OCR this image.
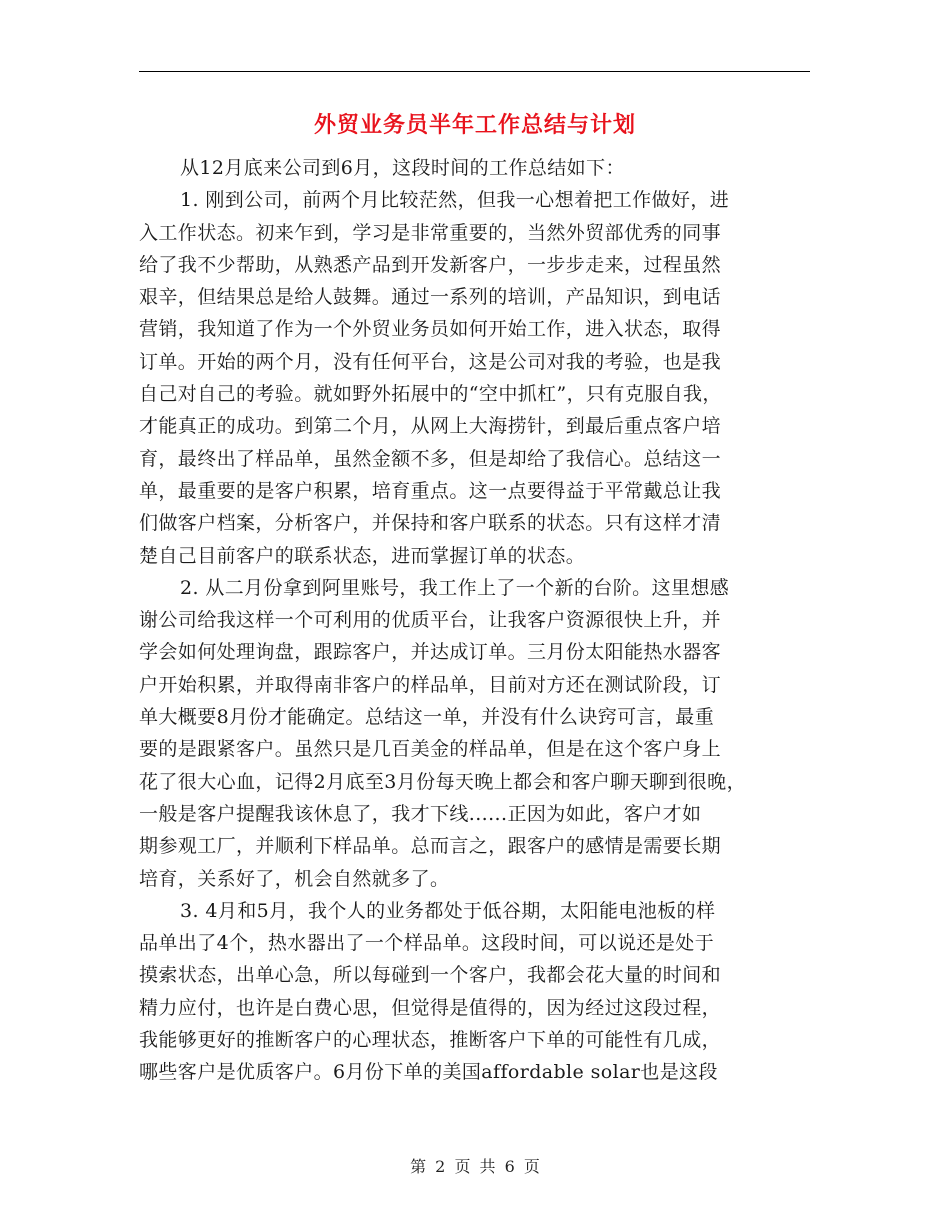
外贸业务员半年工作总结与计划
从12月底来公司到6月，这段时间的工作总结如下：
1. 刚到公司，前两个月比较茫然，但我一心想着把工作做好，进
入工作状态。初来乍到，学习是非常重要的，当然外贸部优秀的同事
给了我不少帮助，从熟悉产品到开发新客户，一步步走来，过程虽然
艰辛，但结果总是给人鼓舞。通过一系列的培训，产品知识，到电话
营销，我知道了作为一个外贸业务员如何开始工作，进入状态，取得
订单。开始的两个月，没有任何平台，这是公司对我的考验，也是我
自己对自己的考验。就如野外拓展中的“空中抓杠”，只有克服自我，
才能真正的成功。到第二个月，从网上大海捞针，到最后重点客户培
育，最终出了样品单，虽然金额不多，但是却给了我信心。总结这一
单，最重要的是客户积累，培育重点。这一点要得益于平常戴总让我
们做客户档案，分析客户，并保持和客户联系的状态。只有这样才清
楚自己目前客户的联系状态，进而掌握订单的状态。
2. 从二月份拿到阿里账号，我工作上了一个新的台阶。这里想感
谢公司给我这样一个可利用的优质平台，让我客户资源很快上升，并
学会如何处理询盘，跟踪客户，并达成订单。三月份太阳能热水器客
户开始积累，并取得南非客户的样品单，目前对方还在测试阶段，订
单大概要8月份才能确定。总结这一单，并没有什么诀窍可言，最重
要的是跟紧客户。虽然只是几百美金的样品单，但是在这个客户身上
花了很大心血，记得2月底至3月份每天晚上都会和客户聊天聊到很晚，
一般是客户提醒我该休息了，我才下线......正因为如此，客户才如
期参观工厂，并顺利下样品单。总而言之，跟客户的感情是需要长期
培育，关系好了，机会自然就多了。
3. 4月和5月，我个人的业务都处于低谷期，太阳能电池板的样
品单出了4个，热水器出了一个样品单。这段时间，可以说还是处于
摸索状态，出单心急，所以每碰到一个客户，我都会花大量的时间和
精力应付，也许是白费心思，但觉得是值得的，因为经过这段过程，
我能够更好的推断客户的心理状态，推断客户下单的可能性有几成，
哪些客户是优质客户。6月份下单的美国affordable solar也是这段
第 2 页 共 6 页
